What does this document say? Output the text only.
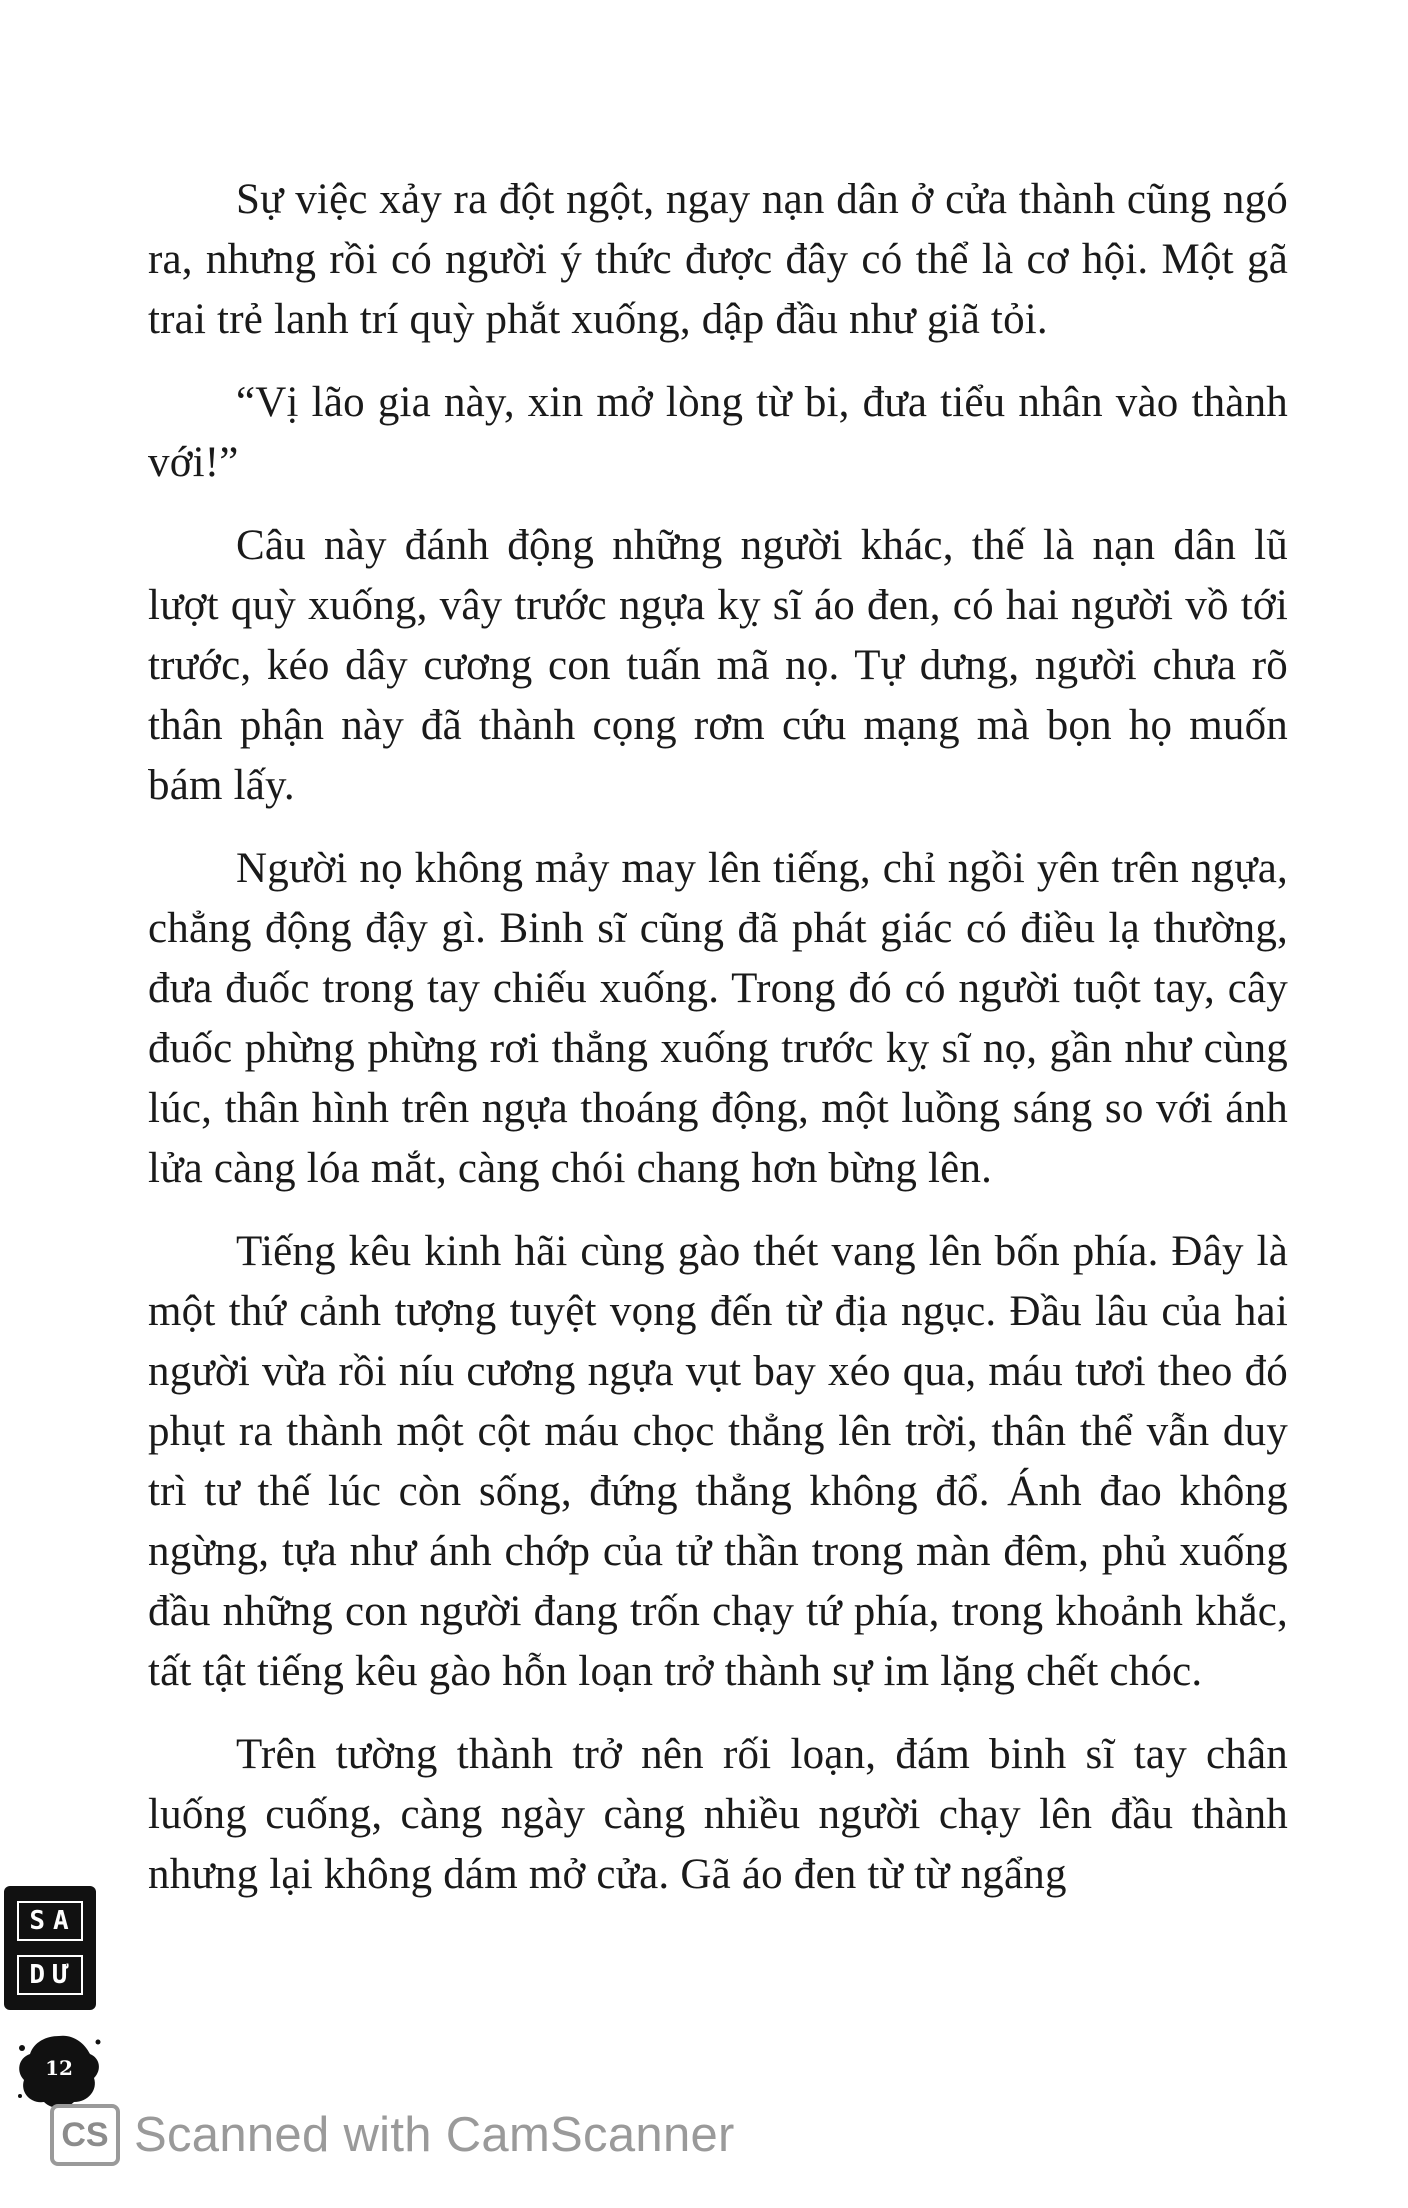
Sự việc xảy ra đột ngột, ngay nạn dân ở cửa thành cũng ngó ra, nhưng rồi có người ý thức được đây có thể là cơ hội. Một gã trai trẻ lanh trí quỳ phắt xuống, dập đầu như giã tỏi.

“Vị lão gia này, xin mở lòng từ bi, đưa tiểu nhân vào thành với!”

Câu này đánh động những người khác, thế là nạn dân lũ lượt quỳ xuống, vây trước ngựa kỵ sĩ áo đen, có hai người vồ tới trước, kéo dây cương con tuấn mã nọ. Tự dưng, người chưa rõ thân phận này đã thành cọng rơm cứu mạng mà bọn họ muốn bám lấy.

Người nọ không mảy may lên tiếng, chỉ ngồi yên trên ngựa, chẳng động đậy gì. Binh sĩ cũng đã phát giác có điều lạ thường, đưa đuốc trong tay chiếu xuống. Trong đó có người tuột tay, cây đuốc phừng phừng rơi thẳng xuống trước kỵ sĩ nọ, gần như cùng lúc, thân hình trên ngựa thoáng động, một luồng sáng so với ánh lửa càng lóa mắt, càng chói chang hơn bừng lên.

Tiếng kêu kinh hãi cùng gào thét vang lên bốn phía. Đây là một thứ cảnh tượng tuyệt vọng đến từ địa ngục. Đầu lâu của hai người vừa rồi níu cương ngựa vụt bay xéo qua, máu tươi theo đó phụt ra thành một cột máu chọc thẳng lên trời, thân thể vẫn duy trì tư thế lúc còn sống, đứng thẳng không đổ. Ánh đao không ngừng, tựa như ánh chớp của tử thần trong màn đêm, phủ xuống đầu những con người đang trốn chạy tứ phía, trong khoảnh khắc, tất tật tiếng kêu gào hỗn loạn trở thành sự im lặng chết chóc.

Trên tường thành trở nên rối loạn, đám binh sĩ tay chân luống cuống, càng ngày càng nhiều người chạy lên đầu thành nhưng lại không dám mở cửa. Gã áo đen từ từ ngẩng

SA
DƯ
12
CS Scanned with CamScanner
